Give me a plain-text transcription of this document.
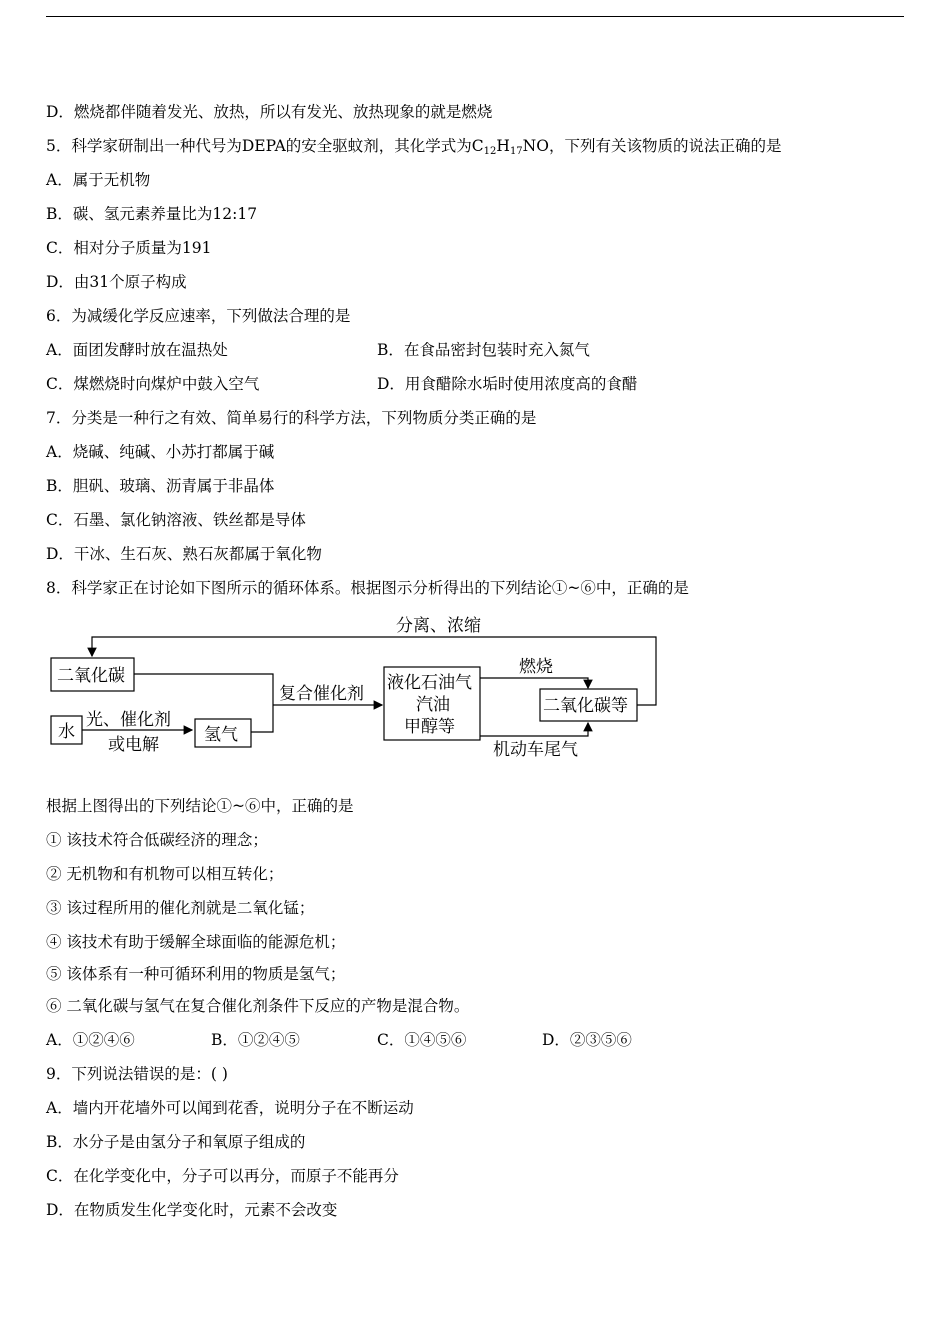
D．燃烧都伴随着发光、放热，所以有发光、放热现象的就是燃烧
5．科学家研制出一种代号为DEPA的安全驱蚊剂，其化学式为$C_{12}H_{17}NO$，下列有关该物质的说法正确的是
A．属于无机物
B．碳、氢元素养量比为12:17
C．相对分子质量为191
D．由31个原子构成
6．为减缓化学反应速率，下列做法合理的是
A．面团发酵时放在温热处	B．在食品密封包装时充入氮气
C．煤燃烧时向煤炉中鼓入空气	D．用食醋除水垢时使用浓度高的食醋
7．分类是一种行之有效、简单易行的科学方法，下列物质分类正确的是
A．烧碱、纯碱、小苏打都属于碱
B．胆矾、玻璃、沥青属于非晶体
C．石墨、氯化钠溶液、铁丝都是导体
D．干冰、生石灰、熟石灰都属于氧化物
8．科学家正在讨论如下图所示的循环体系。根据图示分析得出的下列结论①~⑥中，正确的是
分离、浓缩
二氧化碳
水
光、催化剂
或电解	氢气
复合催化剂
液化石油气
汽油
甲醇等
燃烧
二氧化碳等
机动车尾气
根据上图得出的下列结论①~⑥中，正确的是
① 该技术符合低碳经济的理念；
② 无机物和有机物可以相互转化；
③ 该过程所用的催化剂就是二氧化锰；
④ 该技术有助于缓解全球面临的能源危机；
⑤ 该体系有一种可循环利用的物质是氢气；
⑥ 二氧化碳与氢气在复合催化剂条件下反应的产物是混合物。
A．①②④⑥	B．①②④⑤	C．①④⑤⑥	D．②③⑤⑥
9．下列说法错误的是：( )
A．墙内开花墙外可以闻到花香，说明分子在不断运动
B．水分子是由氢分子和氧原子组成的
C．在化学变化中，分子可以再分，而原子不能再分
D．在物质发生化学变化时，元素不会改变
